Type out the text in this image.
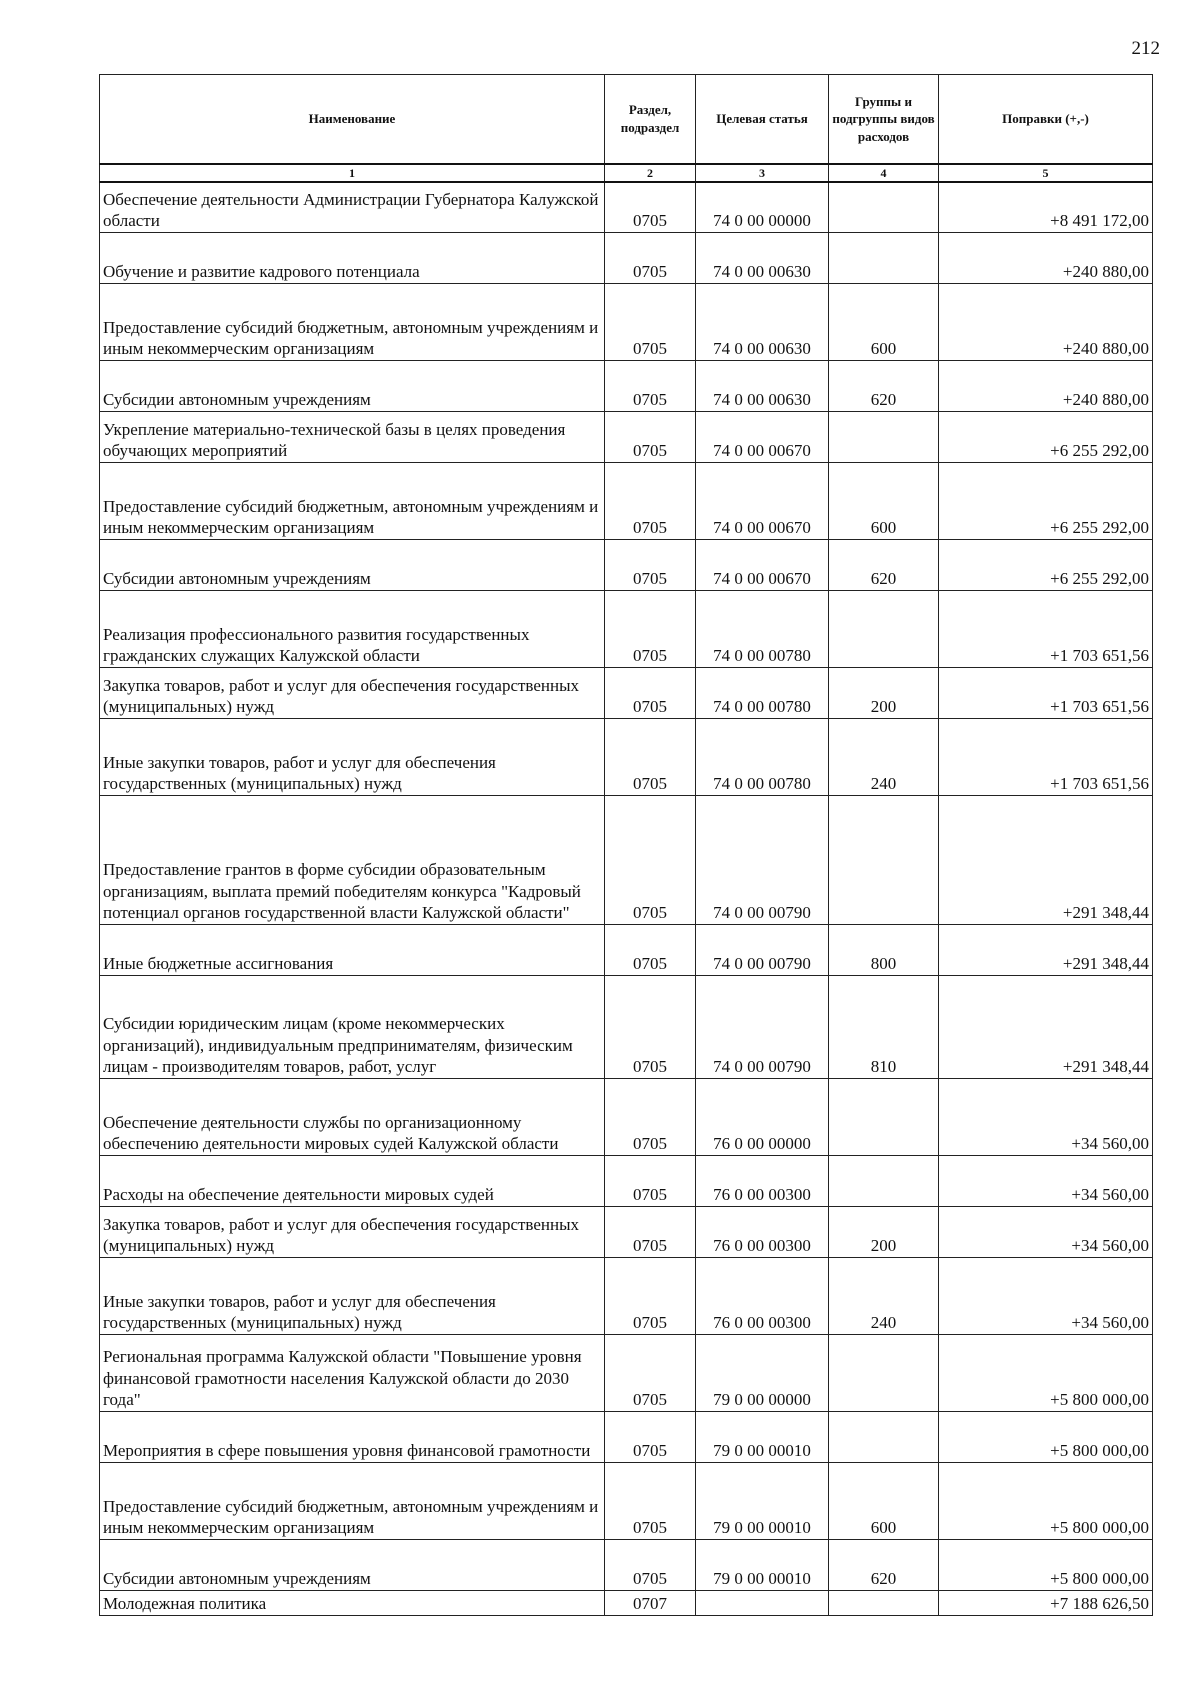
212
Наименование	Раздел, подраздел	Целевая статья	Группы и подгруппы видов расходов	Поправки (+,-)
1	2	3	4	5
Обеспечение деятельности Администрации Губернатора Калужской области	0705	74 0 00 00000		+8 491 172,00
Обучение и развитие кадрового потенциала	0705	74 0 00 00630		+240 880,00
Предоставление субсидий бюджетным, автономным учреждениям и иным некоммерческим организациям	0705	74 0 00 00630	600	+240 880,00
Субсидии автономным учреждениям	0705	74 0 00 00630	620	+240 880,00
Укрепление материально-технической базы в целях проведения обучающих мероприятий	0705	74 0 00 00670		+6 255 292,00
Предоставление субсидий бюджетным, автономным учреждениям и иным некоммерческим организациям	0705	74 0 00 00670	600	+6 255 292,00
Субсидии автономным учреждениям	0705	74 0 00 00670	620	+6 255 292,00
Реализация профессионального развития государственных гражданских служащих Калужской области	0705	74 0 00 00780		+1 703 651,56
Закупка товаров, работ и услуг для обеспечения государственных (муниципальных) нужд	0705	74 0 00 00780	200	+1 703 651,56
Иные закупки товаров, работ и услуг для обеспечения государственных (муниципальных) нужд	0705	74 0 00 00780	240	+1 703 651,56
Предоставление грантов в форме субсидии образовательным организациям, выплата премий победителям конкурса "Кадровый потенциал органов государственной власти Калужской области"	0705	74 0 00 00790		+291 348,44
Иные бюджетные ассигнования	0705	74 0 00 00790	800	+291 348,44
Субсидии юридическим лицам (кроме некоммерческих организаций), индивидуальным предпринимателям, физическим лицам - производителям товаров, работ, услуг	0705	74 0 00 00790	810	+291 348,44
Обеспечение деятельности службы по организационному обеспечению деятельности мировых судей Калужской области	0705	76 0 00 00000		+34 560,00
Расходы на обеспечение деятельности мировых судей	0705	76 0 00 00300		+34 560,00
Закупка товаров, работ и услуг для обеспечения государственных (муниципальных) нужд	0705	76 0 00 00300	200	+34 560,00
Иные закупки товаров, работ и услуг для обеспечения государственных (муниципальных) нужд	0705	76 0 00 00300	240	+34 560,00
Региональная программа Калужской области "Повышение уровня финансовой грамотности населения Калужской области до 2030 года"	0705	79 0 00 00000		+5 800 000,00
Мероприятия в сфере повышения уровня финансовой грамотности	0705	79 0 00 00010		+5 800 000,00
Предоставление субсидий бюджетным, автономным учреждениям и иным некоммерческим организациям	0705	79 0 00 00010	600	+5 800 000,00
Субсидии автономным учреждениям	0705	79 0 00 00010	620	+5 800 000,00
Молодежная политика	0707			+7 188 626,50
